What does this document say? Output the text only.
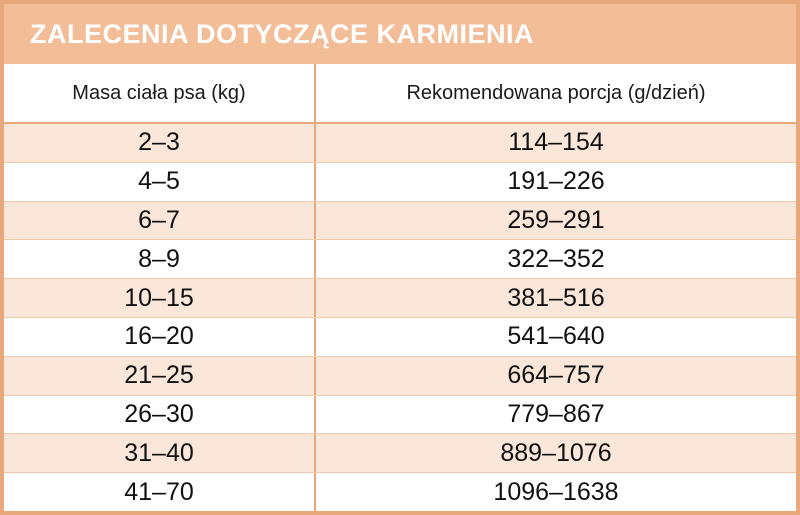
ZALECENIA DOTYCZĄCE KARMIENIA
Masa ciała psa (kg)	Rekomendowana porcja (g/dzień)
2–3	114–154
4–5	191–226
6–7	259–291
8–9	322–352
10–15	381–516
16–20	541–640
21–25	664–757
26–30	779–867
31–40	889–1076
41–70	1096–1638
